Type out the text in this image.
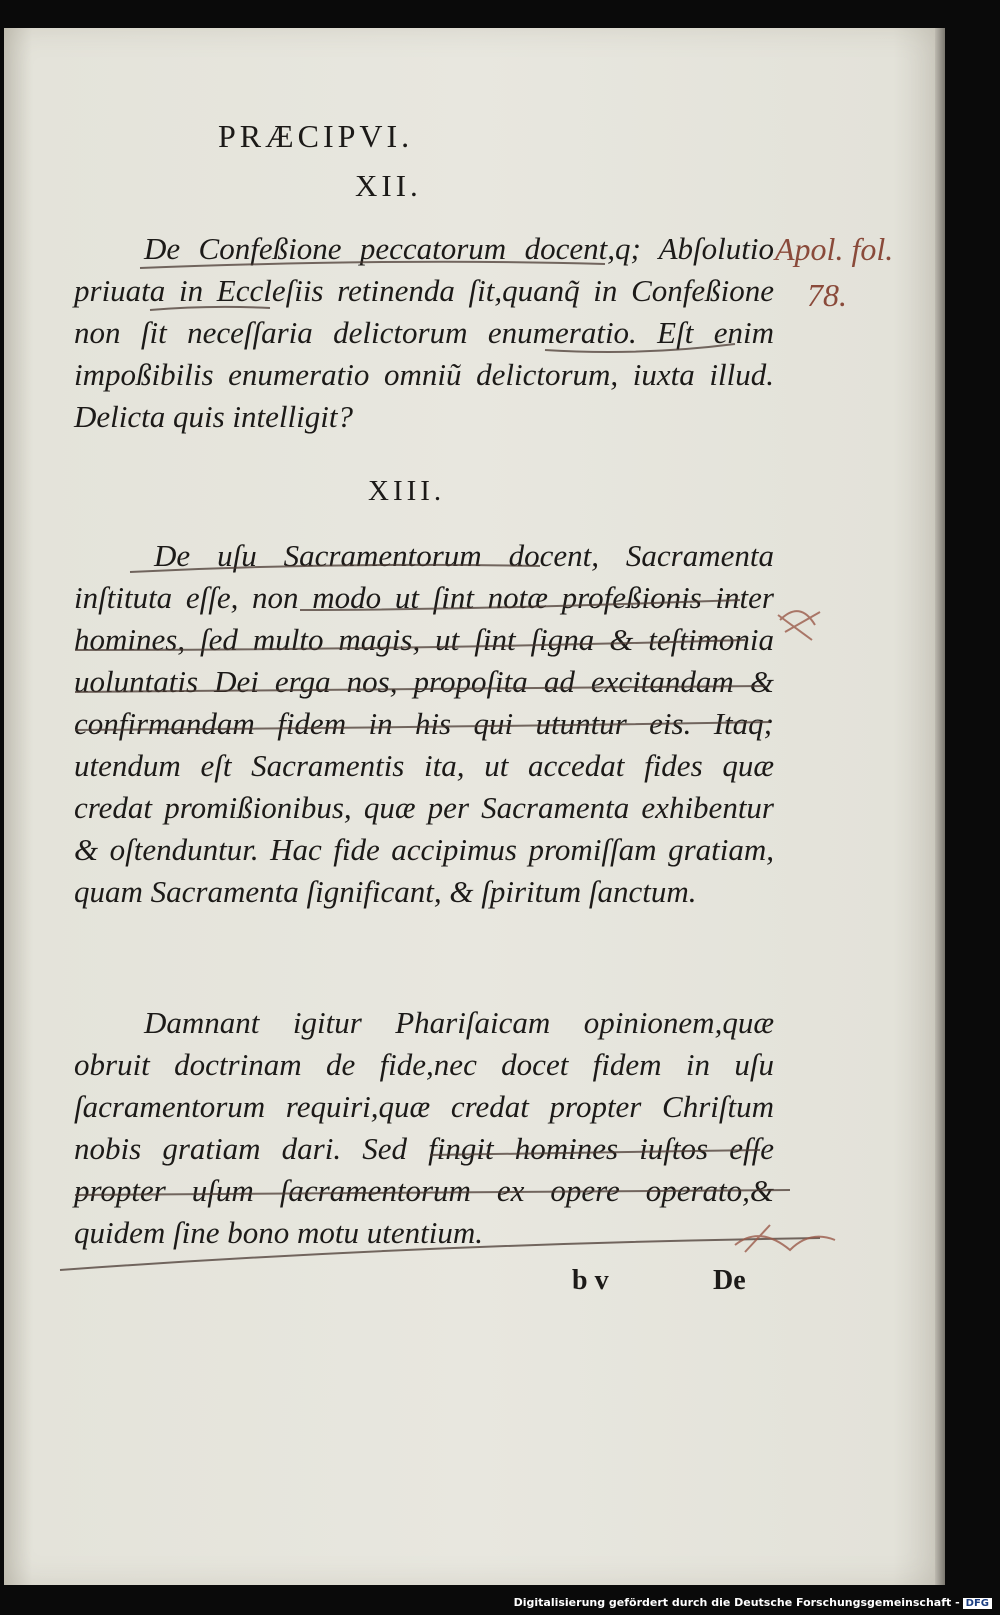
PRÆCIPVI.
XII.
De Confeßione peccatorum docent,q; Abſolutio priuata in Eccleſiis retinenda ſit,quanq̃ in Confeßione non ſit neceſſaria delictorum enumeratio. Eſt enim impoßibilis enumeratio omniũ delictorum, iuxta illud. Delicta quis intelligit?
XIII.
De uſu Sacramentorum docent, Sacramenta inſtituta eſſe, non modo ut ſint notæ profeßionis inter homines, ſed multo magis, ut ſint ſigna & teſtimonia uoluntatis Dei erga nos, propoſita ad excitandam & confirmandam fidem in his qui utuntur eis. Itaq; utendum eſt Sacramentis ita, ut accedat fides quæ credat promißionibus, quæ per Sacramenta exhibentur & oſtenduntur. Hac fide accipimus promiſſam gratiam, quam Sacramenta ſignificant, & ſpiritum ſanctum.
Damnant igitur Phariſaicam opinionem,quæ obruit doctrinam de fide,nec docet fidem in uſu ſacramentorum requiri,quæ credat propter Chriſtum nobis gratiam dari. Sed fingit homines iuſtos eſſe propter uſum ſacramentorum ex opere operato,& quidem ſine bono motu utentium.
b v	De
Apol. fol.
78.
Digitalisierung gefördert durch die Deutsche Forschungsgemeinschaft - DFG
